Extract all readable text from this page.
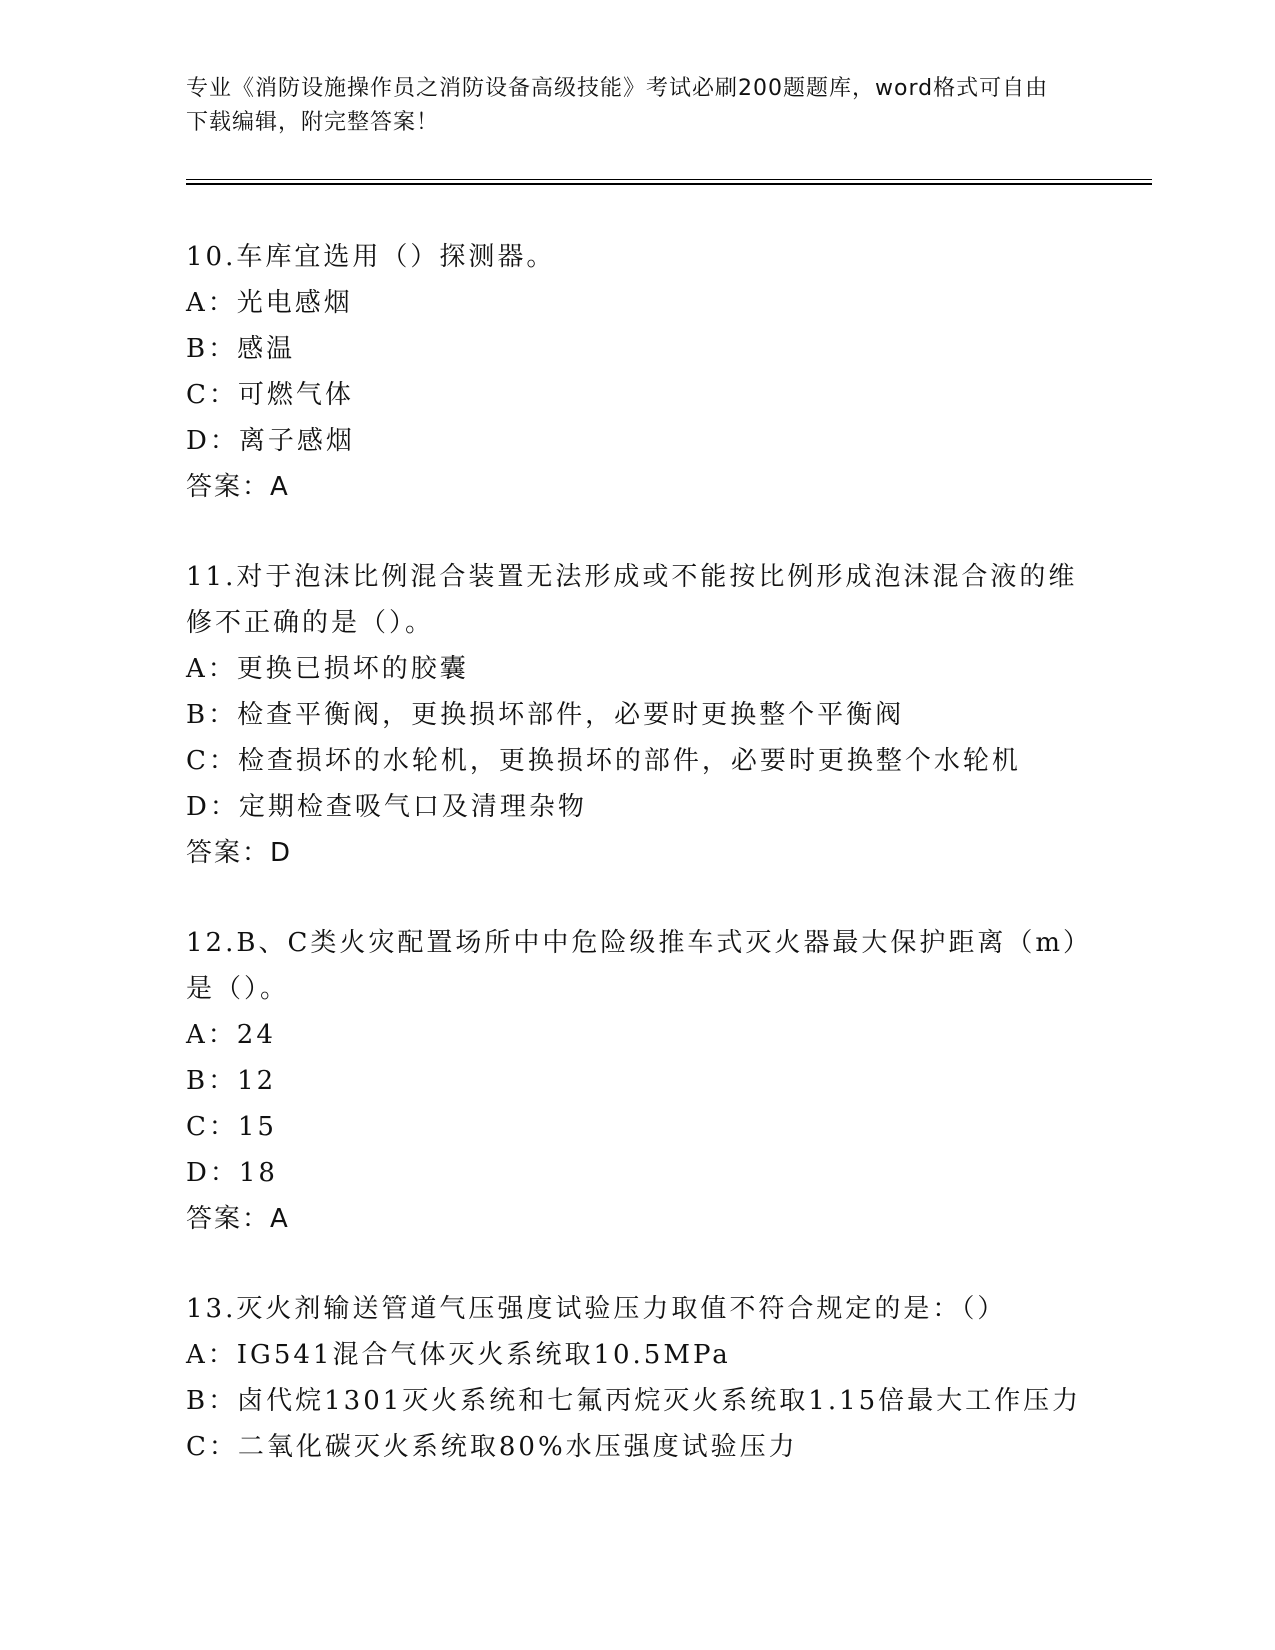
专业《消防设施操作员之消防设备高级技能》考试必刷200题题库，word格式可自由下载编辑，附完整答案！

10.车库宜选用（）探测器。

A：光电感烟

B：感温

C：可燃气体

D：离子感烟

答案：A

11.对于泡沫比例混合装置无法形成或不能按比例形成泡沫混合液的维修不正确的是（）。

A：更换已损坏的胶囊

B：检查平衡阀，更换损坏部件，必要时更换整个平衡阀

C：检查损坏的水轮机，更换损坏的部件，必要时更换整个水轮机

D：定期检查吸气口及清理杂物

答案：D

12.B、C类火灾配置场所中中危险级推车式灭火器最大保护距离（m）是（）。

A：24

B：12

C：15

D：18

答案：A

13.灭火剂输送管道气压强度试验压力取值不符合规定的是：（）

A：IG541混合气体灭火系统取10.5MPa

B：卤代烷1301灭火系统和七氟丙烷灭火系统取1.15倍最大工作压力

C：二氧化碳灭火系统取80%水压强度试验压力
